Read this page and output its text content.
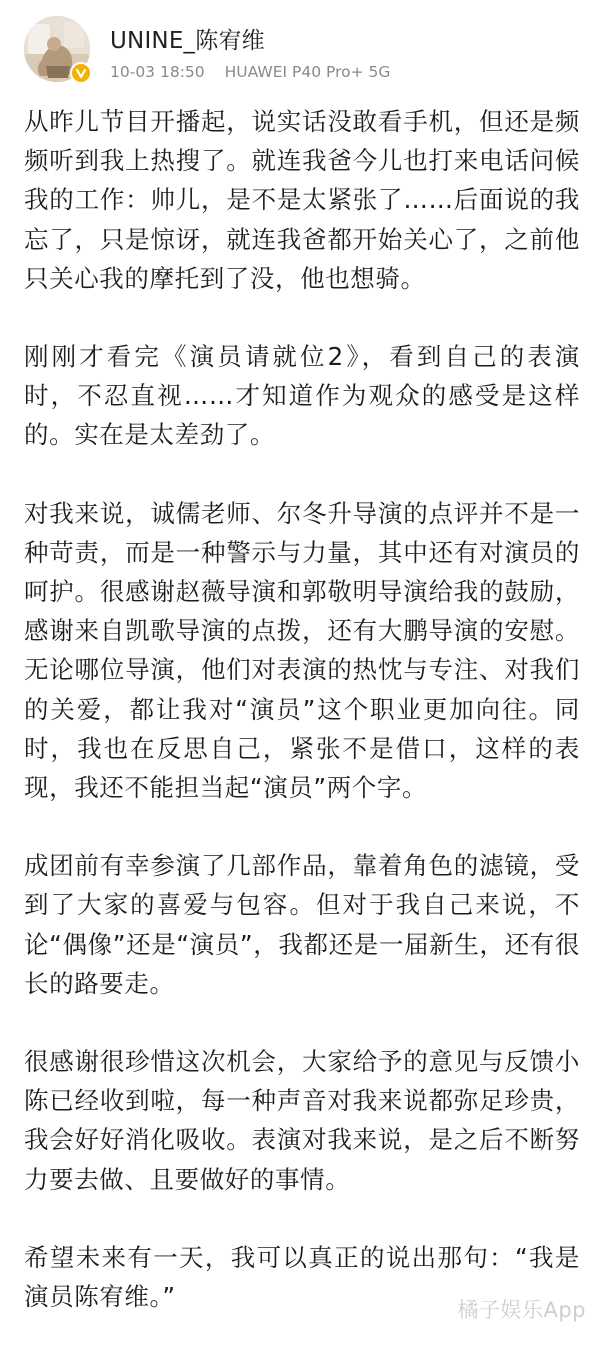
UNINE_陈宥维
10-03 18:50 HUAWEI P40 Pro+ 5G

从昨儿节目开播起，说实话没敢看手机，但还是频频听到我上热搜了。就连我爸今儿也打来电话问候我的工作：帅儿，是不是太紧张了……后面说的我忘了，只是惊讶，就连我爸都开始关心了，之前他只关心我的摩托到了没，他也想骑。

刚刚才看完《演员请就位2》，看到自己的表演时，不忍直视……才知道作为观众的感受是这样的。实在是太差劲了。

对我来说，诚儒老师、尔冬升导演的点评并不是一种苛责，而是一种警示与力量，其中还有对演员的呵护。很感谢赵薇导演和郭敬明导演给我的鼓励，感谢来自凯歌导演的点拨，还有大鹏导演的安慰。无论哪位导演，他们对表演的热忱与专注、对我们的关爱，都让我对“演员”这个职业更加向往。同时，我也在反思自己，紧张不是借口，这样的表现，我还不能担当起“演员”两个字。

成团前有幸参演了几部作品，靠着角色的滤镜，受到了大家的喜爱与包容。但对于我自己来说，不论“偶像”还是“演员”，我都还是一届新生，还有很长的路要走。

很感谢很珍惜这次机会，大家给予的意见与反馈小陈已经收到啦，每一种声音对我来说都弥足珍贵，我会好好消化吸收。表演对我来说，是之后不断努力要去做、且要做好的事情。

希望未来有一天，我可以真正的说出那句：“我是演员陈宥维。”	橘子娱乐App
